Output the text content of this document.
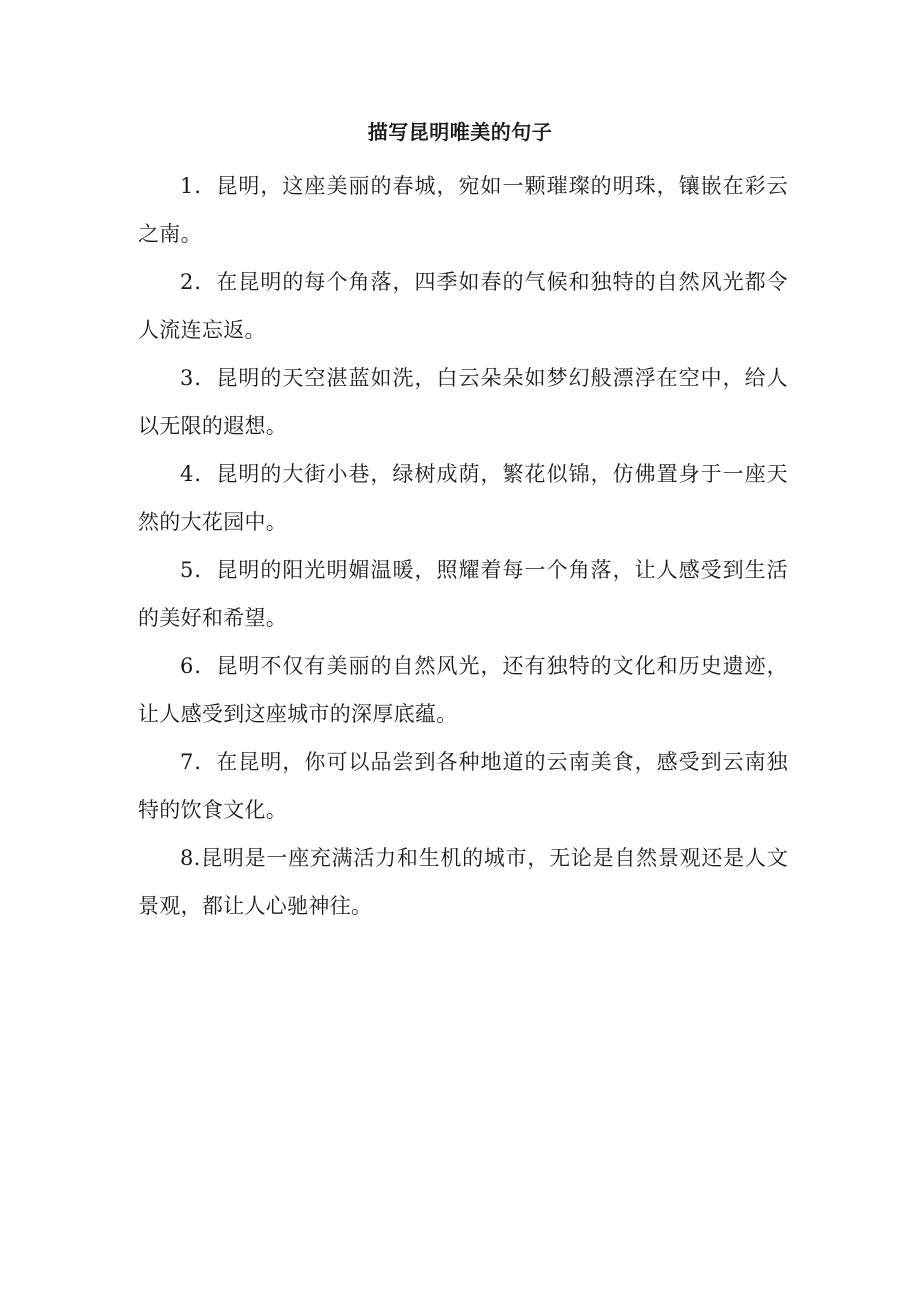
描写昆明唯美的句子

1．昆明，这座美丽的春城，宛如一颗璀璨的明珠，镶嵌在彩云之南。

2．在昆明的每个角落，四季如春的气候和独特的自然风光都令人流连忘返。

3．昆明的天空湛蓝如洗，白云朵朵如梦幻般漂浮在空中，给人以无限的遐想。

4．昆明的大街小巷，绿树成荫，繁花似锦，仿佛置身于一座天然的大花园中。

5．昆明的阳光明媚温暖，照耀着每一个角落，让人感受到生活的美好和希望。

6．昆明不仅有美丽的自然风光，还有独特的文化和历史遗迹，让人感受到这座城市的深厚底蕴。

7．在昆明，你可以品尝到各种地道的云南美食，感受到云南独特的饮食文化。

8.昆明是一座充满活力和生机的城市，无论是自然景观还是人文景观，都让人心驰神往。
